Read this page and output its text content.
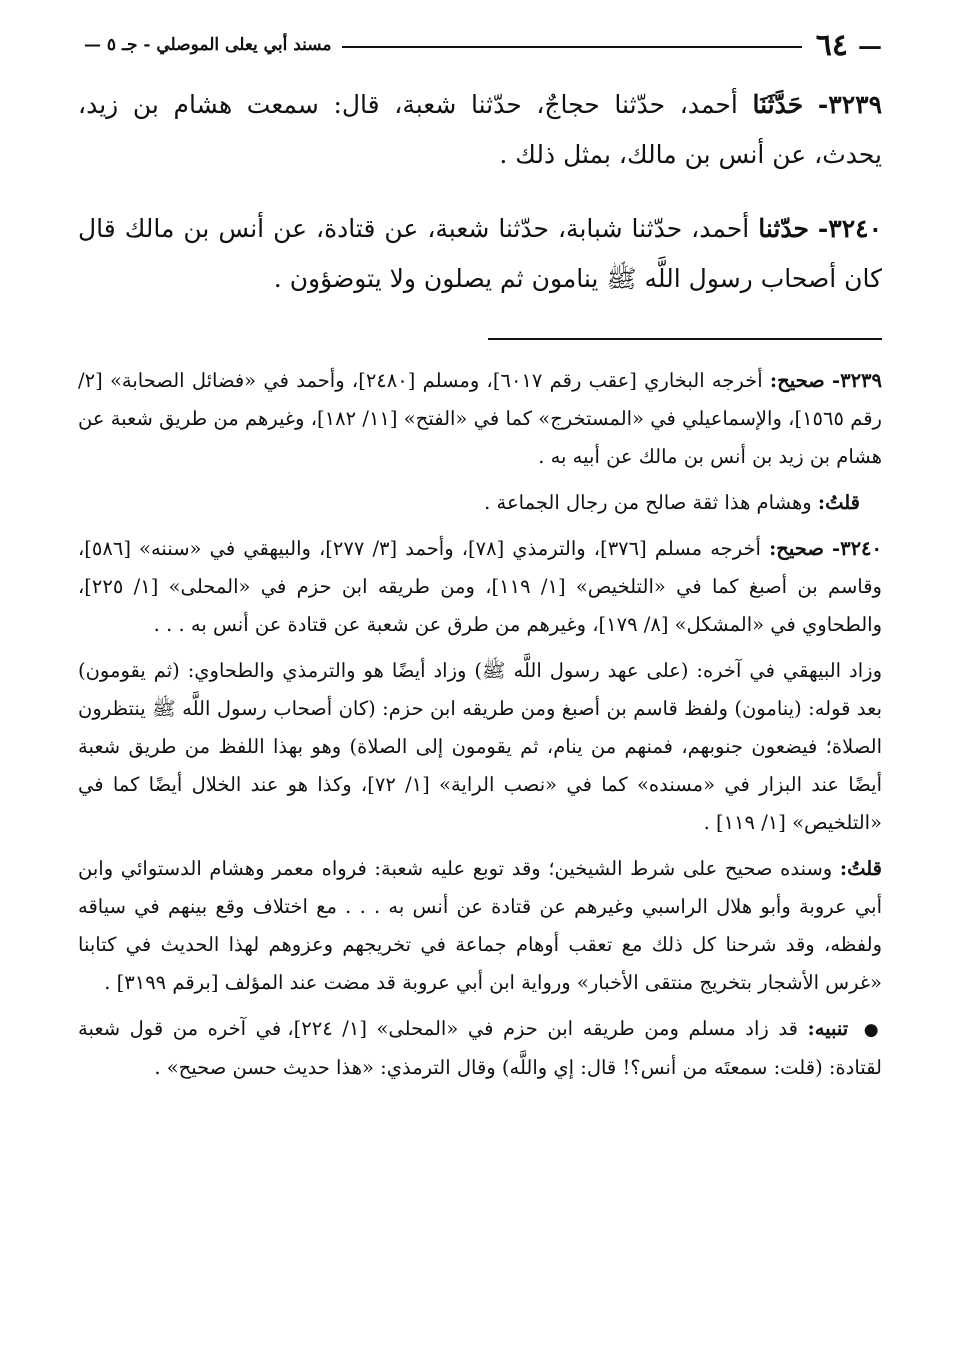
—
٦٤
مسند أبي يعلى الموصلي - جـ ٥ —

٣٢٣٩- حَدَّثَنَا أحمد، حدّثنا حجاجٌ، حدّثنا شعبة، قال: سمعت هشام بن زيد، يحدث، عن أنس بن مالك، بمثل ذلك .

٣٢٤٠- حدّثنا أحمد، حدّثنا شبابة، حدّثنا شعبة، عن قتادة، عن أنس بن مالك قال كان أصحاب رسول اللَّه ﷺ ينامون ثم يصلون ولا يتوضؤون .

٣٢٣٩- صحيح: أخرجه البخاري [عقب رقم ٦٠١٧]، ومسلم [٢٤٨٠]، وأحمد في «فضائل الصحابة» [٢/ رقم ١٥٦٥]، والإسماعيلي في «المستخرج» كما في «الفتح» [١١/ ١٨٢]، وغيرهم من طريق شعبة عن هشام بن زيد بن أنس بن مالك عن أبيه به .

قلتُ: وهشام هذا ثقة صالح من رجال الجماعة .

٣٢٤٠- صحيح: أخرجه مسلم [٣٧٦]، والترمذي [٧٨]، وأحمد [٣/ ٢٧٧]، والبيهقي في «سننه» [٥٨٦]، وقاسم بن أصبغ كما في «التلخيص» [١/ ١١٩]، ومن طريقه ابن حزم في «المحلى» [١/ ٢٢٥]، والطحاوي في «المشكل» [٨/ ١٧٩]، وغيرهم من طرق عن شعبة عن قتادة عن أنس به . . .

وزاد البيهقي في آخره: (على عهد رسول اللَّه ﷺ) وزاد أيضًا هو والترمذي والطحاوي: (ثم يقومون) بعد قوله: (ينامون) ولفظ قاسم بن أصبغ ومن طريقه ابن حزم: (كان أصحاب رسول اللَّه ﷺ ينتظرون الصلاة؛ فيضعون جنوبهم، فمنهم من ينام، ثم يقومون إلى الصلاة) وهو بهذا اللفظ من طريق شعبة أيضًا عند البزار في «مسنده» كما في «نصب الراية» [١/ ٧٢]، وكذا هو عند الخلال أيضًا كما في «التلخيص» [١/ ١١٩] .

قلتُ: وسنده صحيح على شرط الشيخين؛ وقد توبع عليه شعبة: فرواه معمر وهشام الدستوائي وابن أبي عروبة وأبو هلال الراسبي وغيرهم عن قتادة عن أنس به . . . مع اختلاف وقع بينهم في سياقه ولفظه، وقد شرحنا كل ذلك مع تعقب أوهام جماعة في تخريجهم وعزوهم لهذا الحديث في كتابنا «غرس الأشجار بتخريج منتقى الأخبار» ورواية ابن أبي عروبة قد مضت عند المؤلف [برقم ٣١٩٩] .

● تنبيه: قد زاد مسلم ومن طريقه ابن حزم في «المحلى» [١/ ٢٢٤]، في آخره من قول شعبة لقتادة: (قلت: سمعتَه من أنس؟! قال: إي واللَّه) وقال الترمذي: «هذا حديث حسن صحيح» .
